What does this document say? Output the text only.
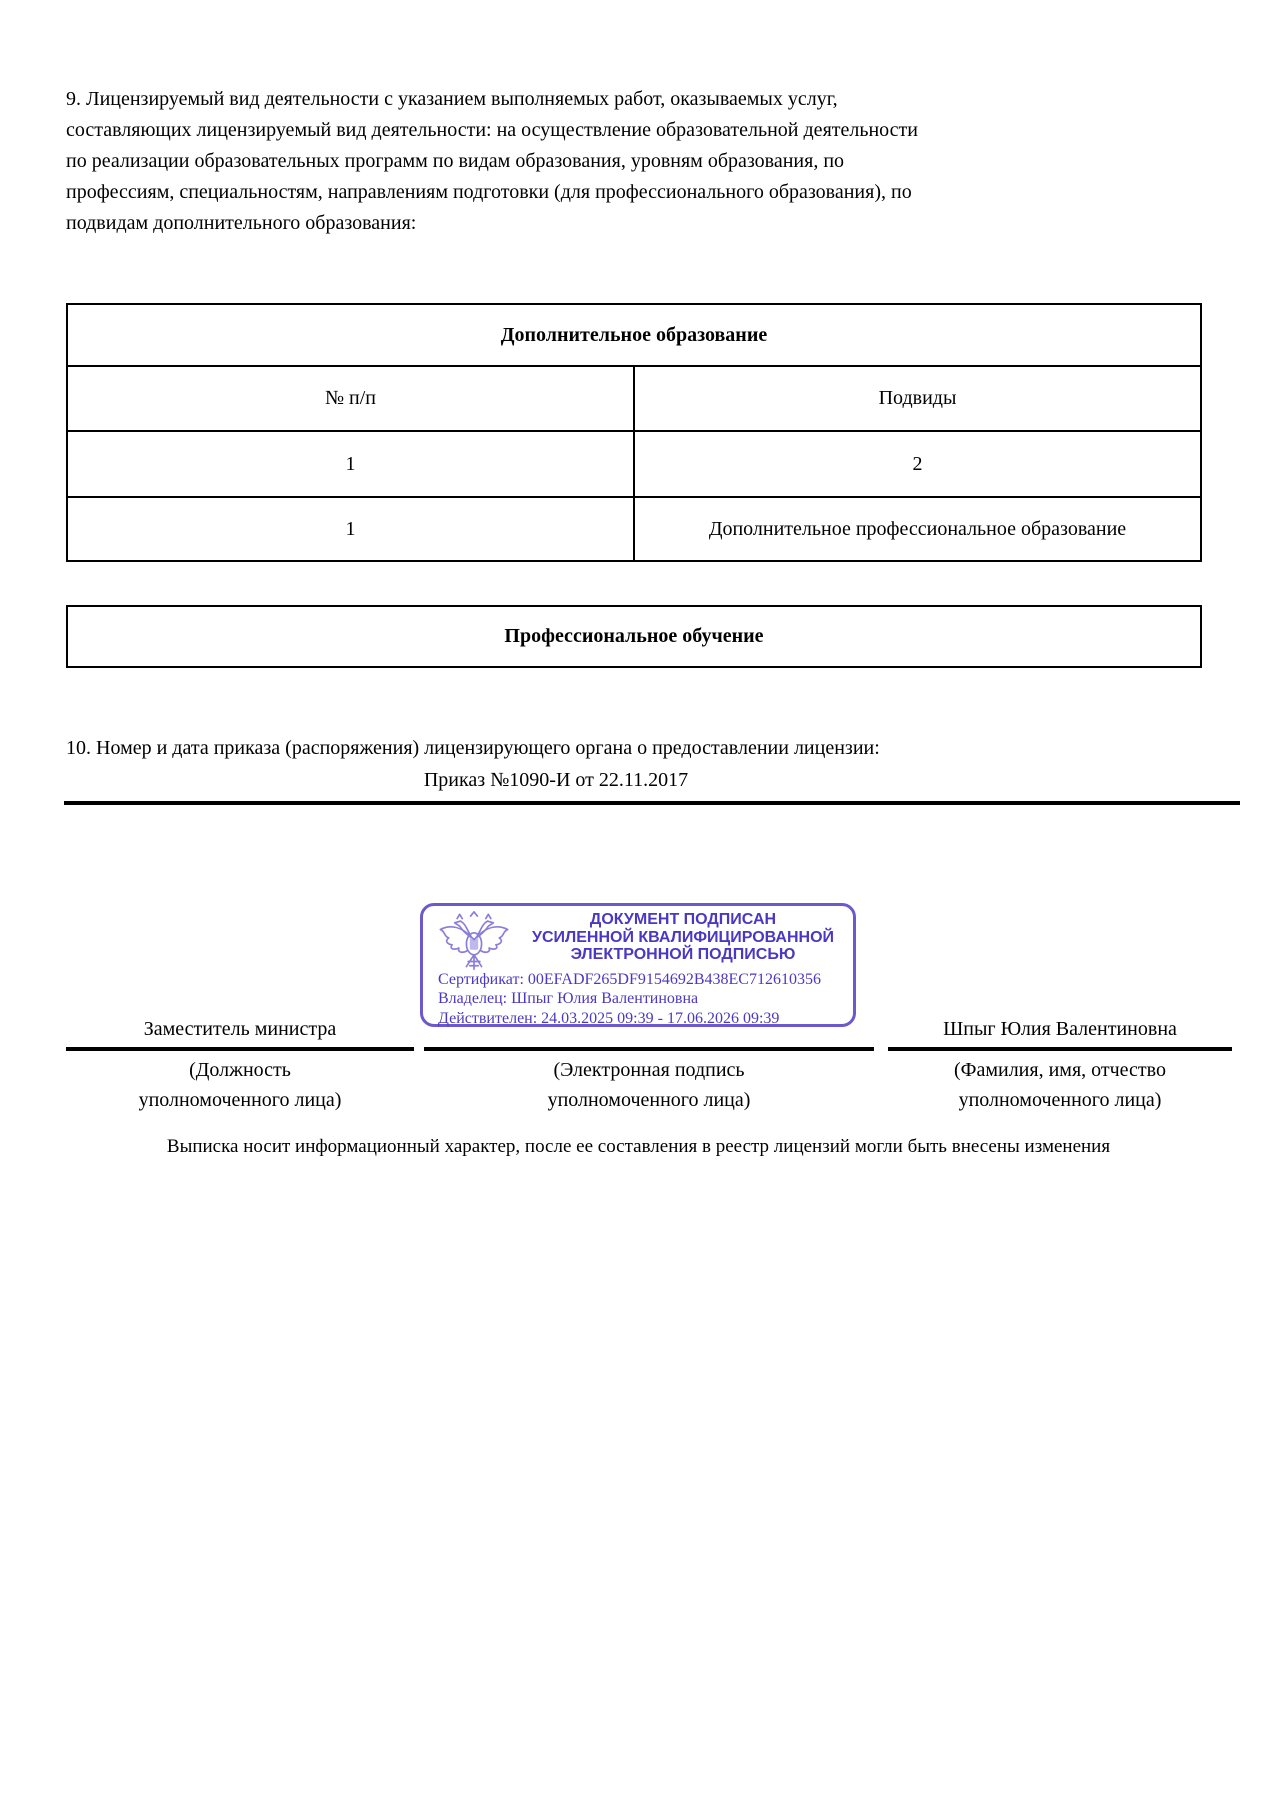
9. Лицензируемый вид деятельности с указанием выполняемых работ, оказываемых услуг,
составляющих лицензируемый вид деятельности: на осуществление образовательной деятельности
по реализации образовательных программ по видам образования, уровням образования, по
профессиям, специальностям, направлениям подготовки (для профессионального образования), по
подвидам дополнительного образования:
Дополнительное образование	
№ п/п	Подвиды
1	2
1	Дополнительное профессиональное образование
Профессиональное обучение
10. Номер и дата приказа (распоряжения) лицензирующего органа о предоставлении лицензии:
Приказ №1090-И от 22.11.2017
ДОКУМЕНТ ПОДПИСАН
УСИЛЕННОЙ КВАЛИФИЦИРОВАННОЙ
ЭЛЕКТРОННОЙ ПОДПИСЬЮ
Сертификат: 00EFADF265DF9154692B438EC712610356
Владелец: Шпыг Юлия Валентиновна
Действителен: 24.03.2025 09:39 - 17.06.2026 09:39
Заместитель министра
(Должность
уполномоченного лица)
(Электронная подпись
уполномоченного лица)
Шпыг Юлия Валентиновна
(Фамилия, имя, отчество
уполномоченного лица)
Выписка носит информационный характер, после ее составления в реестр лицензий могли быть внесены изменения
